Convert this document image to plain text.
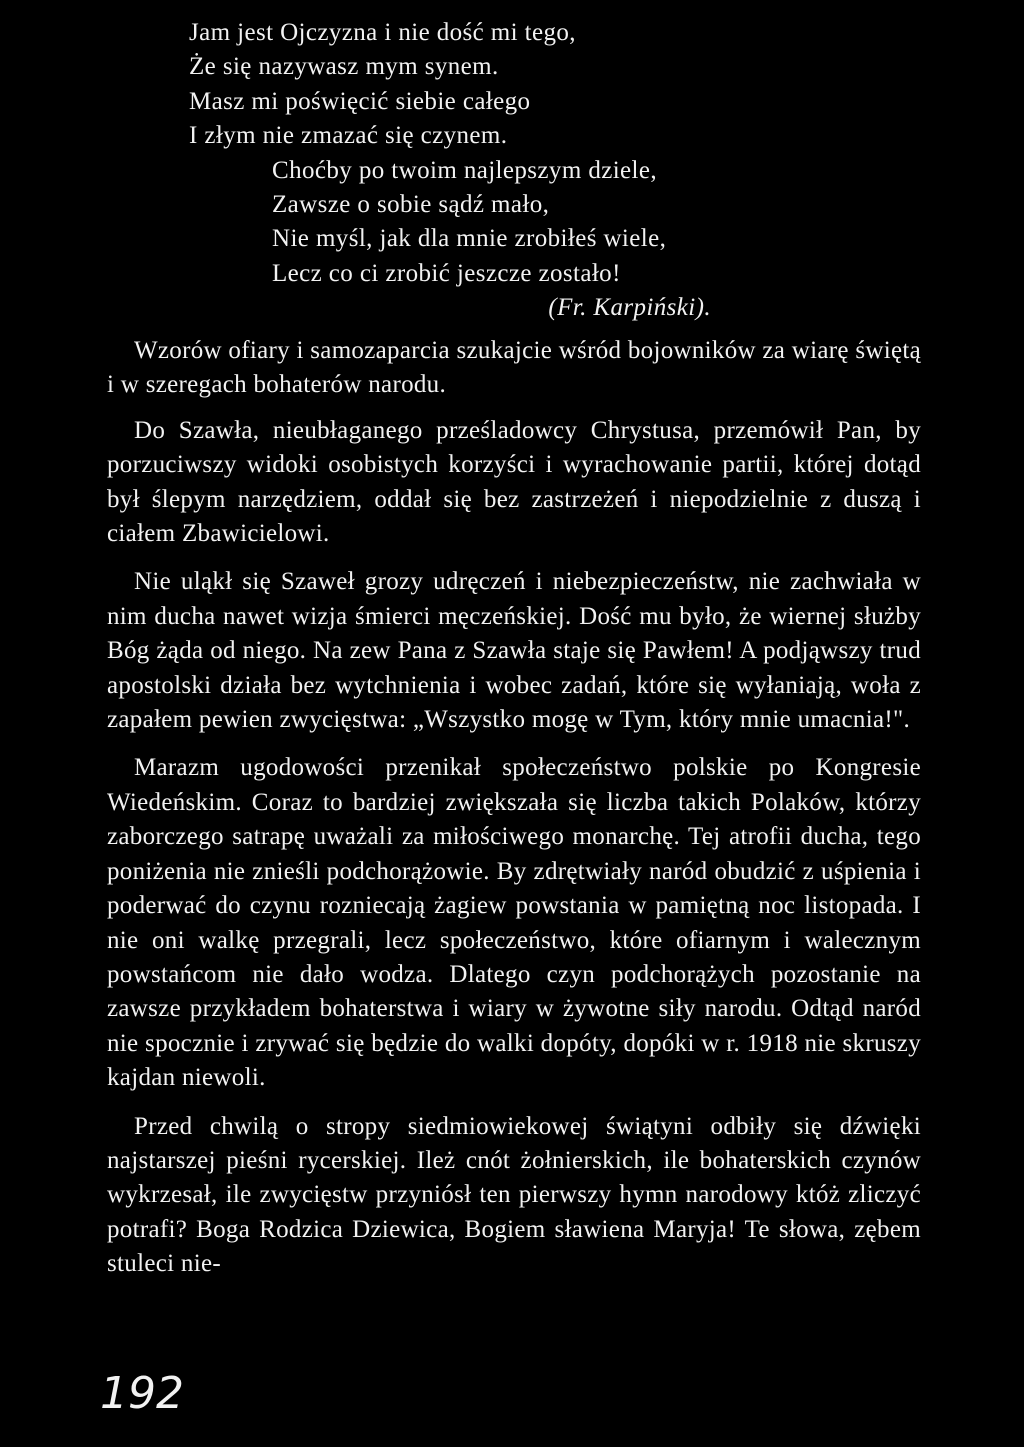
Jam jest Ojczyzna i nie dość mi tego,
Że się nazywasz mym synem.
Masz mi poświęcić siebie całego
I złym nie zmazać się czynem.
Choćby po twoim najlepszym dziele,
Zawsze o sobie sądź mało,
Nie myśl, jak dla mnie zrobiłeś wiele,
Lecz co ci zrobić jeszcze zostało!
(Fr. Karpiński).

Wzorów ofiary i samozaparcia szukajcie wśród bojowników za wiarę świętą i w szeregach bohaterów narodu.

Do Szawła, nieubłaganego prześladowcy Chrystusa, przemówił Pan, by porzuciwszy widoki osobistych korzyści i wyrachowanie partii, której dotąd był ślepym narzędziem, oddał się bez zastrzeżeń i niepodzielnie z duszą i ciałem Zbawicielowi.

Nie uląkł się Szaweł grozy udręczeń i niebezpieczeństw, nie zachwiała w nim ducha nawet wizja śmierci męczeńskiej. Dość mu było, że wiernej służby Bóg żąda od niego. Na zew Pana z Szawła staje się Pawłem! A podjąwszy trud apostolski działa bez wytchnienia i wobec zadań, które się wyłaniają, woła z zapałem pewien zwycięstwa: „Wszystko mogę w Tym, który mnie umacnia!".

Marazm ugodowości przenikał społeczeństwo polskie po Kongresie Wiedeńskim. Coraz to bardziej zwiększała się liczba takich Polaków, którzy zaborczego satrapę uważali za miłościwego monarchę. Tej atrofii ducha, tego poniżenia nie znieśli podchorążowie. By zdrętwiały naród obudzić z uśpienia i poderwać do czynu rozniecają żagiew powstania w pamiętną noc listopada. I nie oni walkę przegrali, lecz społeczeństwo, które ofiarnym i walecznym powstańcom nie dało wodza. Dlatego czyn podchorążych pozostanie na zawsze przykładem bohaterstwa i wiary w żywotne siły narodu. Odtąd naród nie spocznie i zrywać się będzie do walki dopóty, dopóki w r. 1918 nie skruszy kajdan niewoli.

Przed chwilą o stropy siedmiowiekowej świątyni odbiły się dźwięki najstarszej pieśni rycerskiej. Ileż cnót żołnierskich, ile bohaterskich czynów wykrzesał, ile zwycięstw przyniósł ten pierwszy hymn narodowy któż zliczyć potrafi? Boga Rodzica Dziewica, Bogiem sławiena Maryja! Te słowa, zębem stuleci nie-

192
